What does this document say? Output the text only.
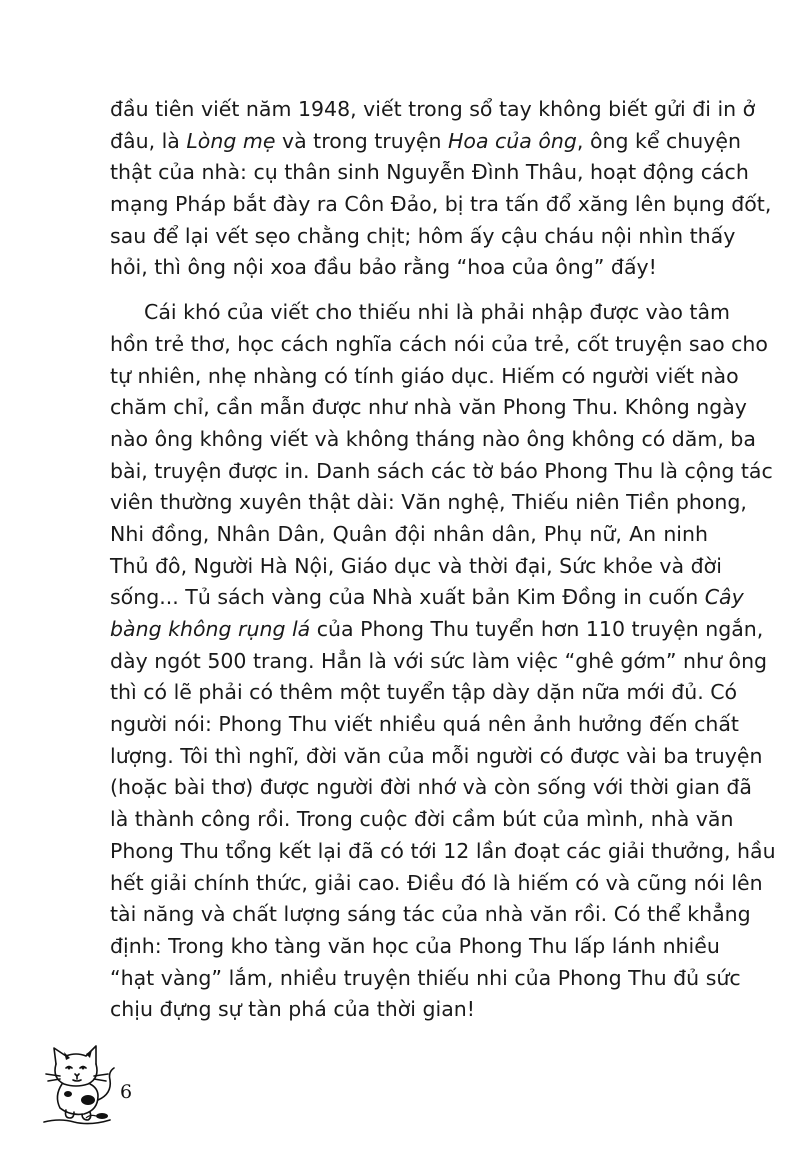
đầu tiên viết năm 1948, viết trong sổ tay không biết gửi đi in ở
đâu, là Lòng mẹ và trong truyện Hoa của ông, ông kể chuyện
thật của nhà: cụ thân sinh Nguyễn Đình Thâu, hoạt động cách
mạng Pháp bắt đày ra Côn Đảo, bị tra tấn đổ xăng lên bụng đốt,
sau để lại vết sẹo chằng chịt; hôm ấy cậu cháu nội nhìn thấy
hỏi, thì ông nội xoa đầu bảo rằng “hoa của ông” đấy!
Cái khó của viết cho thiếu nhi là phải nhập được vào tâm
hồn trẻ thơ, học cách nghĩa cách nói của trẻ, cốt truyện sao cho
tự nhiên, nhẹ nhàng có tính giáo dục. Hiếm có người viết nào
chăm chỉ, cần mẫn được như nhà văn Phong Thu. Không ngày
nào ông không viết và không tháng nào ông không có dăm, ba
bài, truyện được in. Danh sách các tờ báo Phong Thu là cộng tác
viên thường xuyên thật dài: Văn nghệ, Thiếu niên Tiền phong,
Nhi đồng, Nhân Dân, Quân đội nhân dân, Phụ nữ, An ninh
Thủ đô, Người Hà Nội, Giáo dục và thời đại, Sức khỏe và đời
sống... Tủ sách vàng của Nhà xuất bản Kim Đồng in cuốn Cây
bàng không rụng lá của Phong Thu tuyển hơn 110 truyện ngắn,
dày ngót 500 trang. Hẳn là với sức làm việc “ghê gớm” như ông
thì có lẽ phải có thêm một tuyển tập dày dặn nữa mới đủ. Có
người nói: Phong Thu viết nhiều quá nên ảnh hưởng đến chất
lượng. Tôi thì nghĩ, đời văn của mỗi người có được vài ba truyện
(hoặc bài thơ) được người đời nhớ và còn sống với thời gian đã
là thành công rồi. Trong cuộc đời cầm bút của mình, nhà văn
Phong Thu tổng kết lại đã có tới 12 lần đoạt các giải thưởng, hầu
hết giải chính thức, giải cao. Điều đó là hiếm có và cũng nói lên
tài năng và chất lượng sáng tác của nhà văn rồi. Có thể khẳng
định: Trong kho tàng văn học của Phong Thu lấp lánh nhiều
“hạt vàng” lắm, nhiều truyện thiếu nhi của Phong Thu đủ sức
chịu đựng sự tàn phá của thời gian!
6
